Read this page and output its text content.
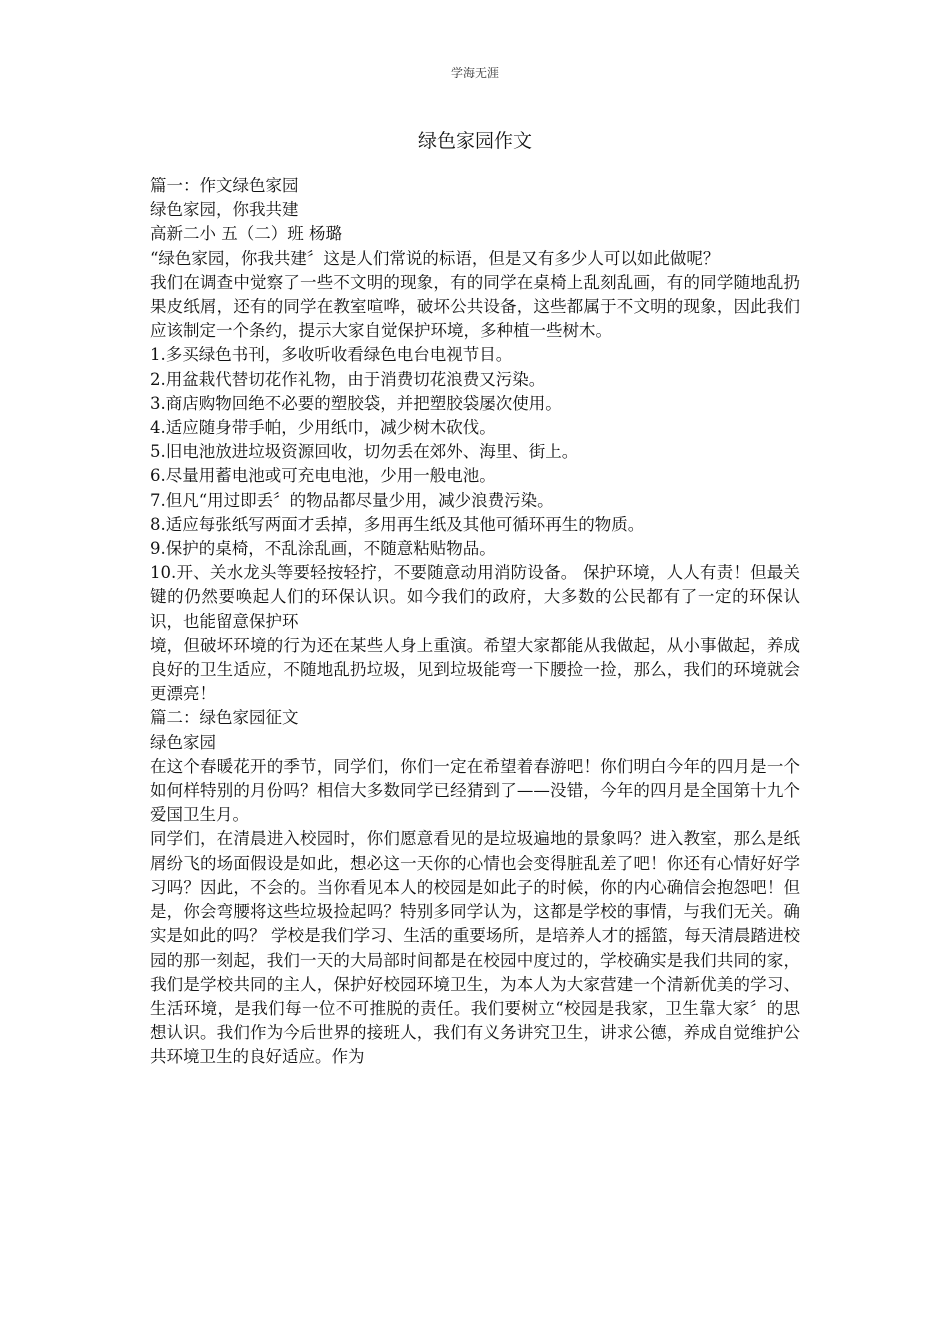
学海无涯
绿色家园作文

篇一：作文绿色家园

绿色家园，你我共建

高新二小 五（二）班 杨璐

“绿色家园，你我共建〞这是人们常说的标语，但是又有多少人可以如此做呢？

我们在调查中觉察了一些不文明的现象，有的同学在桌椅上乱刻乱画，有的同学随地乱扔果皮纸屑，还有的同学在教室喧哗，破坏公共设备，这些都属于不文明的现象，因此我们应该制定一个条约，提示大家自觉保护环境，多种植一些树木。

1.多买绿色书刊，多收听收看绿色电台电视节目。

2.用盆栽代替切花作礼物，由于消费切花浪费又污染。

3.商店购物回绝不必要的塑胶袋，并把塑胶袋屡次使用。

4.适应随身带手帕，少用纸巾，减少树木砍伐。

5.旧电池放进垃圾资源回收，切勿丢在郊外、海里、街上。

6.尽量用蓄电池或可充电电池，少用一般电池。

7.但凡“用过即丢〞的物品都尽量少用，减少浪费污染。

8.适应每张纸写两面才丢掉，多用再生纸及其他可循环再生的物质。

9.保护的桌椅，不乱涂乱画，不随意粘贴物品。

10.开、关水龙头等要轻按轻拧，不要随意动用消防设备。 保护环境，人人有责！但最关键的仍然要唤起人们的环保认识。如今我们的政府，大多数的公民都有了一定的环保认识，也能留意保护环

境，但破坏环境的行为还在某些人身上重演。希望大家都能从我做起，从小事做起，养成良好的卫生适应，不随地乱扔垃圾，见到垃圾能弯一下腰捡一捡，那么，我们的环境就会更漂亮！

篇二：绿色家园征文

绿色家园

在这个春暖花开的季节，同学们，你们一定在希望着春游吧！你们明白今年的四月是一个如何样特别的月份吗？相信大多数同学已经猜到了——没错，今年的四月是全国第十九个爱国卫生月。

同学们，在清晨进入校园时，你们愿意看见的是垃圾遍地的景象吗？进入教室，那么是纸屑纷飞的场面假设是如此，想必这一天你的心情也会变得脏乱差了吧！你还有心情好好学习吗？因此，不会的。当你看见本人的校园是如此子的时候，你的内心确信会抱怨吧！但是，你会弯腰将这些垃圾捡起吗？特别多同学认为，这都是学校的事情，与我们无关。确实是如此的吗？ 学校是我们学习、生活的重要场所，是培养人才的摇篮，每天清晨踏进校园的那一刻起，我们一天的大局部时间都是在校园中度过的，学校确实是我们共同的家，我们是学校共同的主人，保护好校园环境卫生，为本人为大家营建一个清新优美的学习、生活环境，是我们每一位不可推脱的责任。我们要树立“校园是我家，卫生靠大家〞的思想认识。我们作为今后世界的接班人，我们有义务讲究卫生，讲求公德，养成自觉维护公共环境卫生的良好适应。作为
